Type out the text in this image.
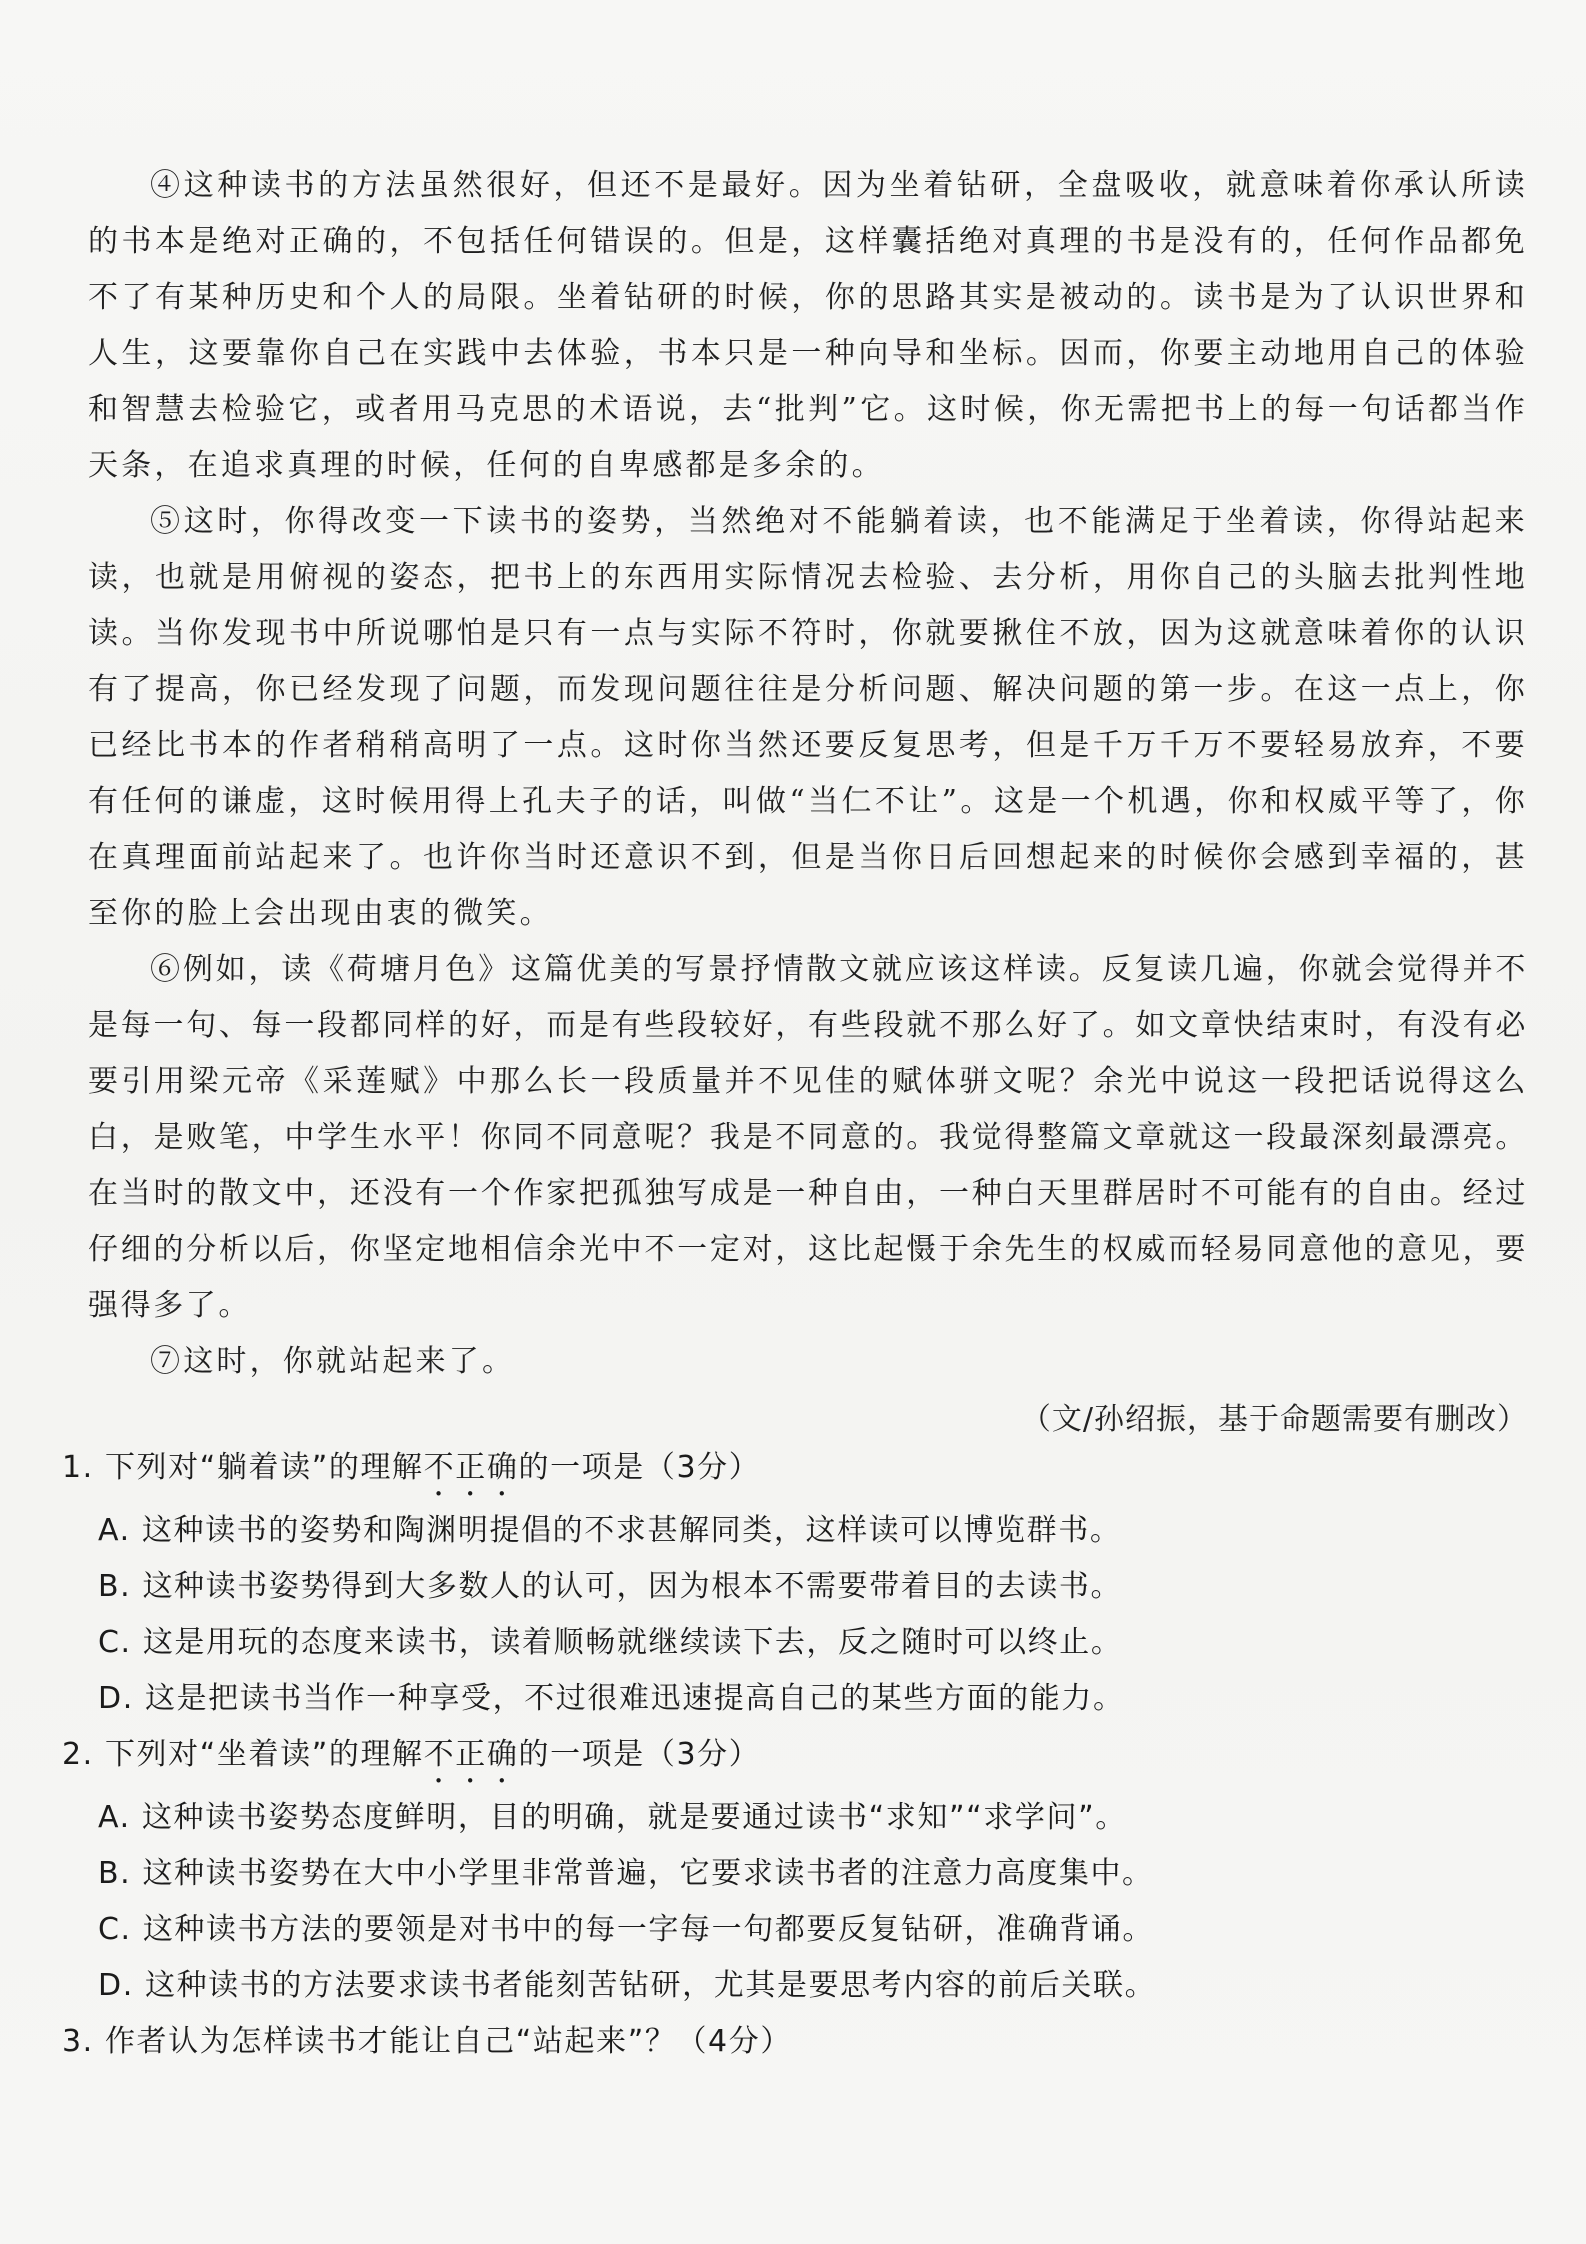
④这种读书的方法虽然很好，但还不是最好。因为坐着钻研，全盘吸收，就意味着你承认所读的书本是绝对正确的，不包括任何错误的。但是，这样囊括绝对真理的书是没有的，任何作品都免不了有某种历史和个人的局限。坐着钻研的时候，你的思路其实是被动的。读书是为了认识世界和人生，这要靠你自己在实践中去体验，书本只是一种向导和坐标。因而，你要主动地用自己的体验和智慧去检验它，或者用马克思的术语说，去“批判”它。这时候，你无需把书上的每一句话都当作天条，在追求真理的时候，任何的自卑感都是多余的。

⑤这时，你得改变一下读书的姿势，当然绝对不能躺着读，也不能满足于坐着读，你得站起来读，也就是用俯视的姿态，把书上的东西用实际情况去检验、去分析，用你自己的头脑去批判性地读。当你发现书中所说哪怕是只有一点与实际不符时，你就要揪住不放，因为这就意味着你的认识有了提高，你已经发现了问题，而发现问题往往是分析问题、解决问题的第一步。在这一点上，你已经比书本的作者稍稍高明了一点。这时你当然还要反复思考，但是千万千万不要轻易放弃，不要有任何的谦虚，这时候用得上孔夫子的话，叫做“当仁不让”。这是一个机遇，你和权威平等了，你在真理面前站起来了。也许你当时还意识不到，但是当你日后回想起来的时候你会感到幸福的，甚至你的脸上会出现由衷的微笑。

⑥例如，读《荷塘月色》这篇优美的写景抒情散文就应该这样读。反复读几遍，你就会觉得并不是每一句、每一段都同样的好，而是有些段较好，有些段就不那么好了。如文章快结束时，有没有必要引用梁元帝《采莲赋》中那么长一段质量并不见佳的赋体骈文呢？余光中说这一段把话说得这么白，是败笔，中学生水平！你同不同意呢？我是不同意的。我觉得整篇文章就这一段最深刻最漂亮。在当时的散文中，还没有一个作家把孤独写成是一种自由，一种白天里群居时不可能有的自由。经过仔细的分析以后，你坚定地相信余光中不一定对，这比起慑于余先生的权威而轻易同意他的意见，要强得多了。

⑦这时，你就站起来了。

（文/孙绍振，基于命题需要有删改）

1. 下列对“躺着读”的理解不正确的一项是（3分）

A. 这种读书的姿势和陶渊明提倡的不求甚解同类，这样读可以博览群书。
B. 这种读书姿势得到大多数人的认可，因为根本不需要带着目的去读书。
C. 这是用玩的态度来读书，读着顺畅就继续读下去，反之随时可以终止。
D. 这是把读书当作一种享受，不过很难迅速提高自己的某些方面的能力。

2. 下列对“坐着读”的理解不正确的一项是（3分）

A. 这种读书姿势态度鲜明，目的明确，就是要通过读书“求知”“求学问”。
B. 这种读书姿势在大中小学里非常普遍，它要求读书者的注意力高度集中。
C. 这种读书方法的要领是对书中的每一字每一句都要反复钻研，准确背诵。
D. 这种读书的方法要求读书者能刻苦钻研，尤其是要思考内容的前后关联。

3. 作者认为怎样读书才能让自己“站起来”？（4分）
